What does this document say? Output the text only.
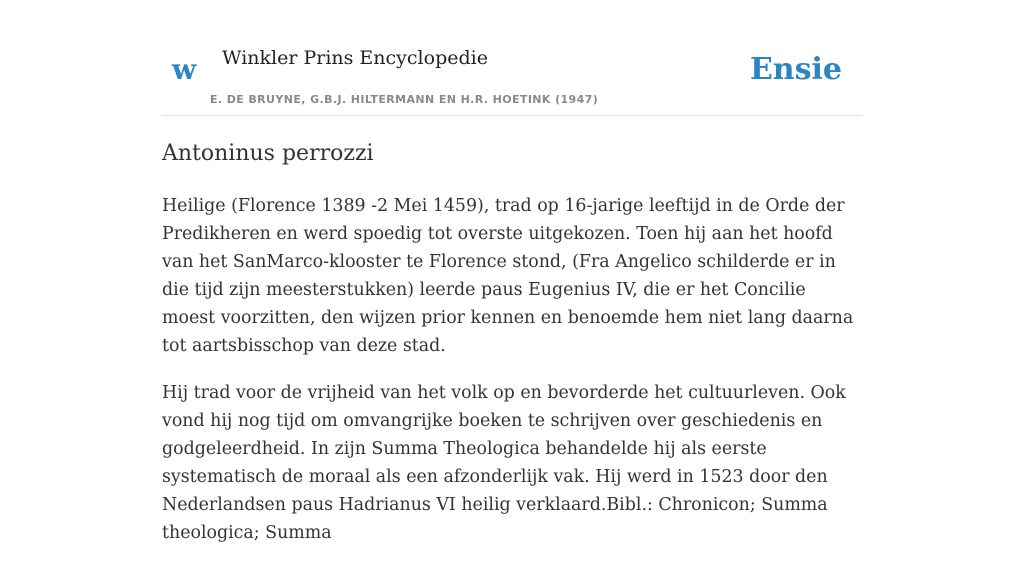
w Winkler Prins Encyclopedie
E. DE BRUYNE, G.B.J. HILTERMANN EN H.R. HOETINK (1947)
Ensie
Antoninus perrozzi

Heilige (Florence 1389 -2 Mei 1459), trad op 16-jarige leeftijd in de Orde der Predikheren en werd spoedig tot overste uitgekozen. Toen hij aan het hoofd van het SanMarco-klooster te Florence stond, (Fra Angelico schilderde er in die tijd zijn meesterstukken) leerde paus Eugenius IV, die er het Concilie moest voorzitten, den wijzen prior kennen en benoemde hem niet lang daarna tot aartsbisschop van deze stad.

Hij trad voor de vrijheid van het volk op en bevorderde het cultuurleven. Ook vond hij nog tijd om omvangrijke boeken te schrijven over geschiedenis en godgeleerdheid. In zijn Summa Theologica behandelde hij als eerste systematisch de moraal als een afzonderlijk vak. Hij werd in 1523 door den Nederlandsen paus Hadrianus VI heilig verklaard.Bibl.: Chronicon; Summa theologica; Summa
